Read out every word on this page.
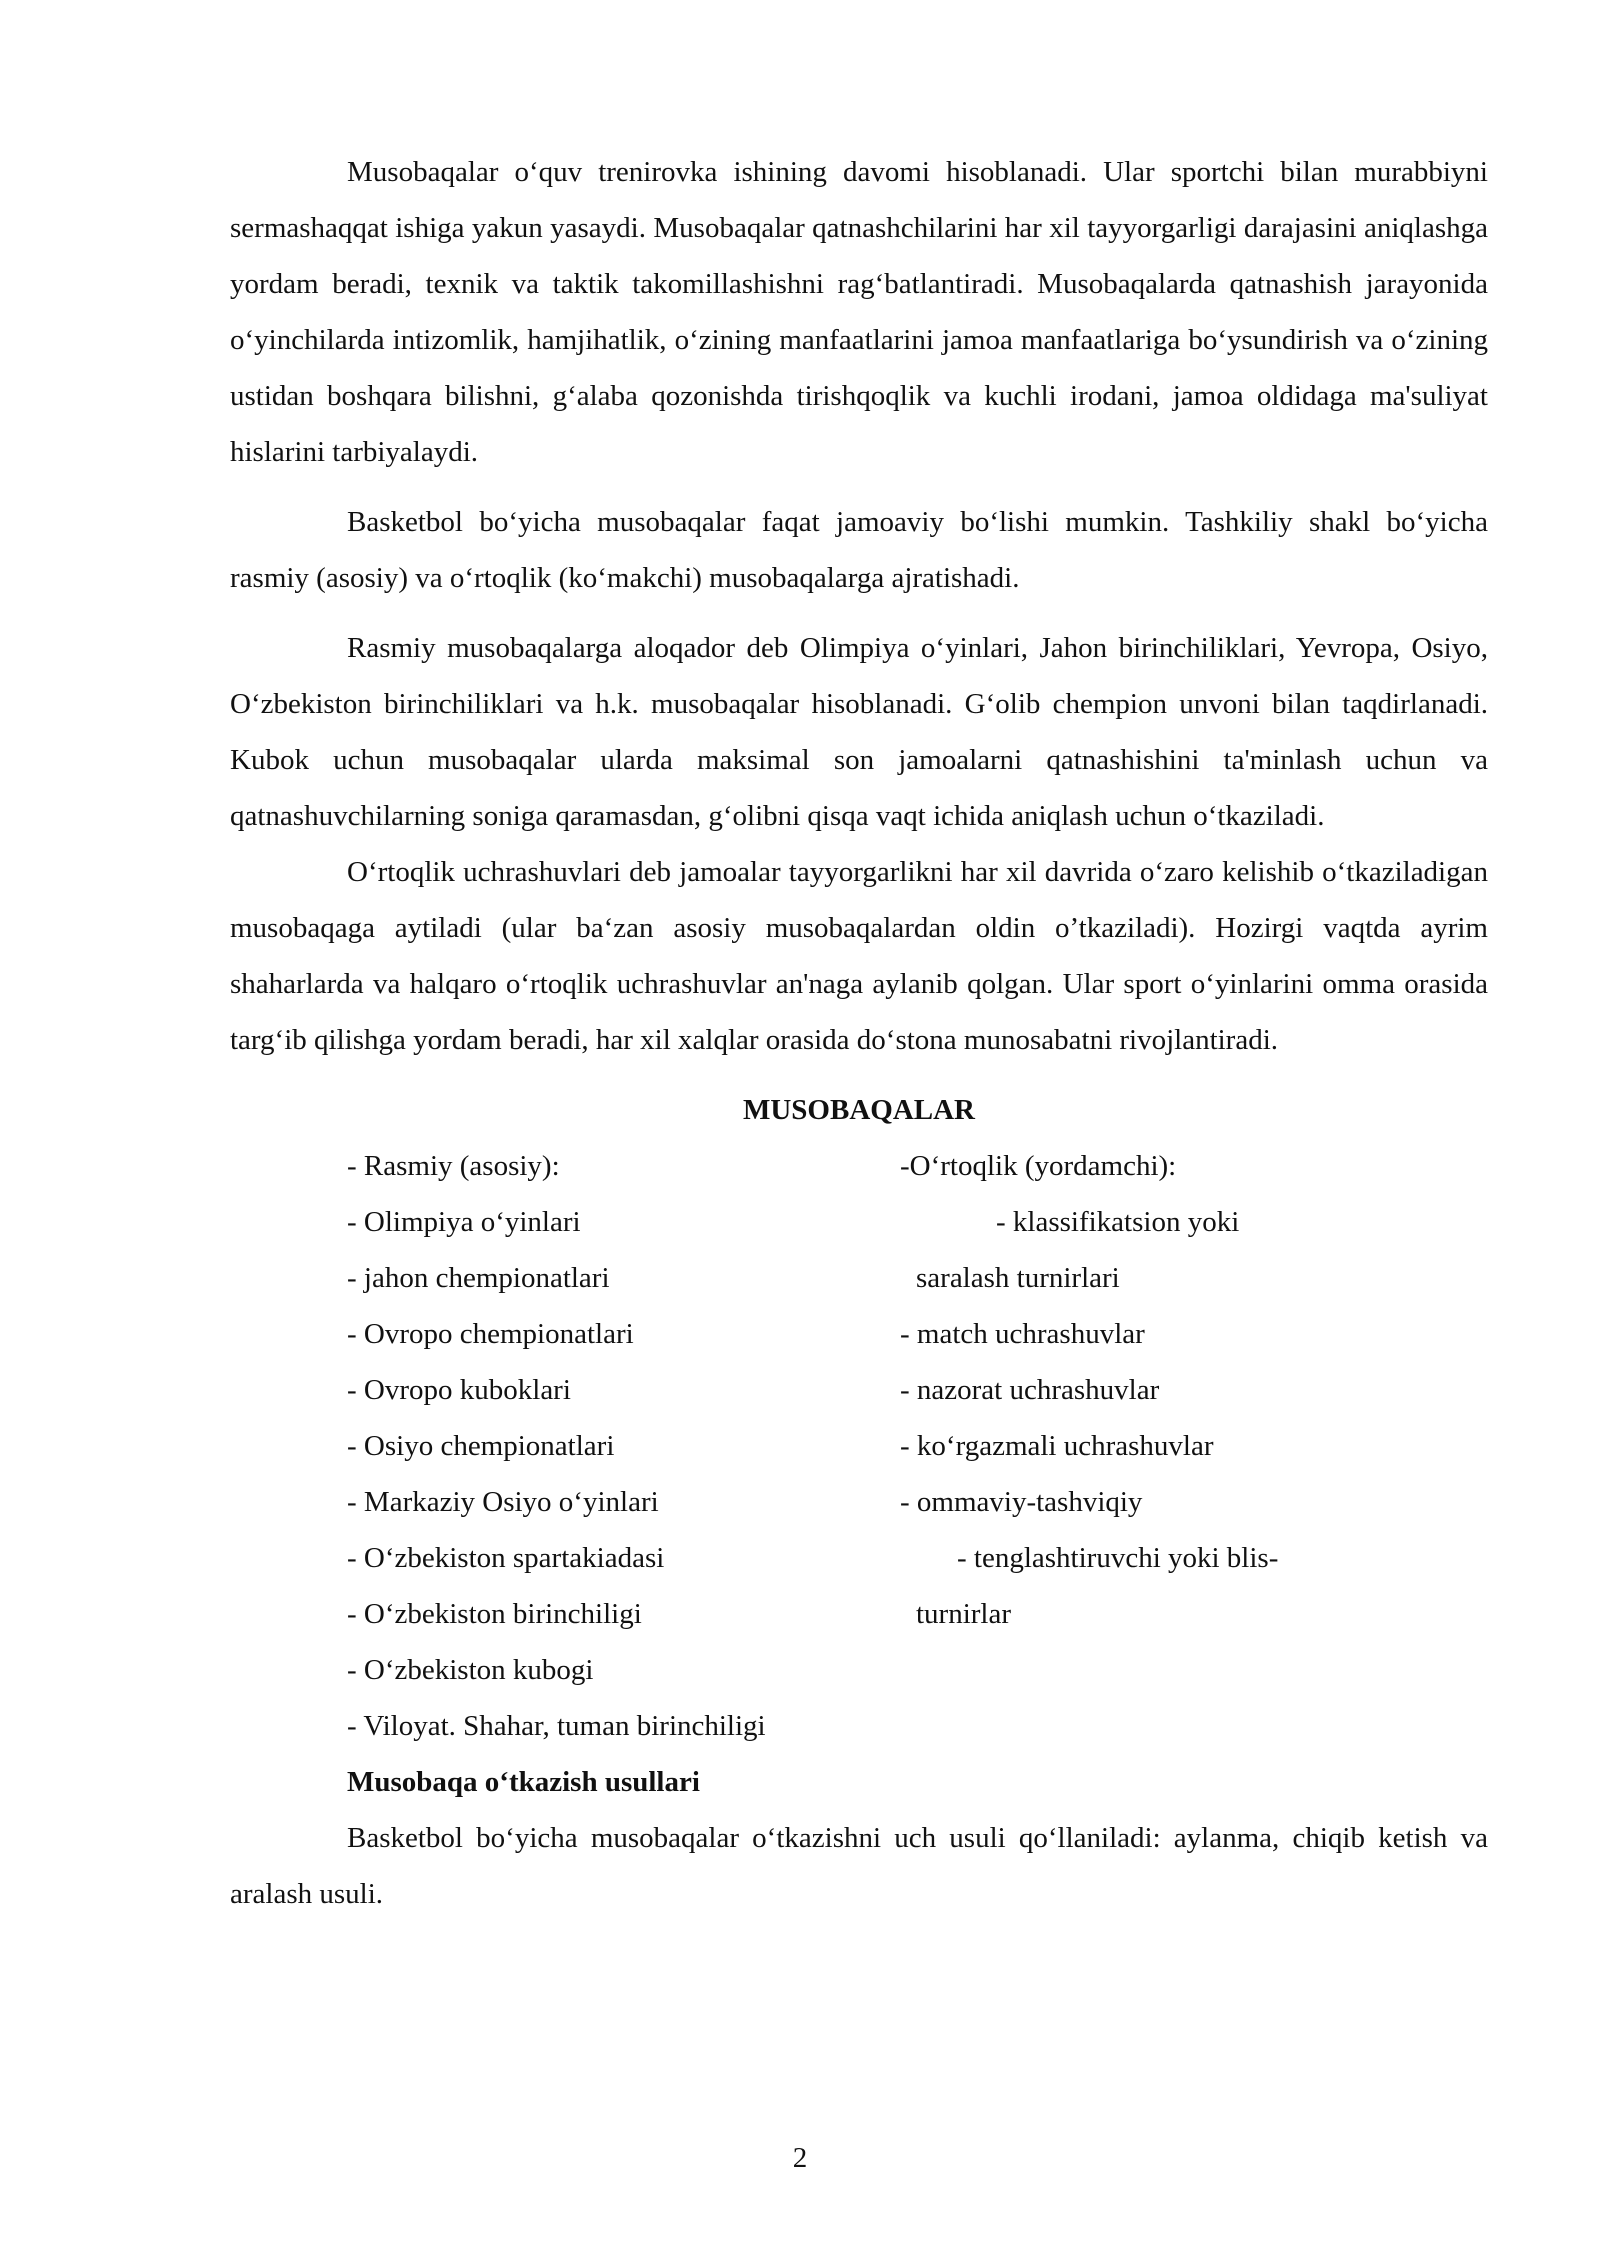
Musobaqalar o‘quv trenirovka ishining davomi hisoblanadi. Ular sportchi bilan murabbiyni sermashaqqat ishiga yakun yasaydi. Musobaqalar qatnashchilarini har xil tayyorgarligi darajasini aniqlashga yordam beradi, texnik va taktik takomillashishni rag‘batlantiradi. Musobaqalarda qatnashish jarayonida o‘yinchilarda intizomlik, hamjihatlik, o‘zining manfaatlarini jamoa manfaatlariga bo‘ysundirish va o‘zining ustidan boshqara bilishni, g‘alaba qozonishda tirishqoqlik va kuchli irodani, jamoa oldidaga ma'suliyat hislarini tarbiyalaydi.

Basketbol bo‘yicha musobaqalar faqat jamoaviy bo‘lishi mumkin. Tashkiliy shakl bo‘yicha rasmiy (asosiy) va o‘rtoqlik (ko‘makchi) musobaqalarga ajratishadi.

Rasmiy musobaqalarga aloqador deb Olimpiya o‘yinlari, Jahon birinchiliklari, Yevropa, Osiyo, O‘zbekiston birinchiliklari va h.k. musobaqalar hisoblanadi. G‘olib chempion unvoni bilan taqdirlanadi. Kubok uchun musobaqalar ularda maksimal son jamoalarni qatnashishini ta'minlash uchun va qatnashuvchilarning soniga qaramasdan, g‘olibni qisqa vaqt ichida aniqlash uchun o‘tkaziladi.

O‘rtoqlik uchrashuvlari deb jamoalar tayyorgarlikni har xil davrida o‘zaro kelishib o‘tkaziladigan musobaqaga aytiladi (ular ba‘zan asosiy musobaqalardan oldin o’tkaziladi). Hozirgi vaqtda ayrim shaharlarda va halqaro o‘rtoqlik uchrashuvlar an'naga aylanib qolgan. Ular sport o‘yinlarini omma orasida targ‘ib qilishga yordam beradi, har xil xalqlar orasida do‘stona munosabatni rivojlantiradi.

MUSOBAQALAR
- Rasmiy (asosiy):
- Olimpiya o‘yinlari
- jahon chempionatlari
- Ovropo chempionatlari
- Ovropo kuboklari
- Osiyo chempionatlari
- Markaziy Osiyo o‘yinlari
- O‘zbekiston spartakiadasi
- O‘zbekiston birinchiligi
- O‘zbekiston kubogi
- Viloyat. Shahar, tuman birinchiligi
-O‘rtoqlik (yordamchi):
- klassifikatsion yoki
saralash turnirlari
- match uchrashuvlar
- nazorat uchrashuvlar
- ko‘rgazmali uchrashuvlar
- ommaviy-tashviqiy
- tenglashtiruvchi yoki blis-
turnirlar
Musobaqa o‘tkazish usullari

Basketbol bo‘yicha musobaqalar o‘tkazishni uch usuli qo‘llaniladi: aylanma, chiqib ketish va aralash usuli.

2
